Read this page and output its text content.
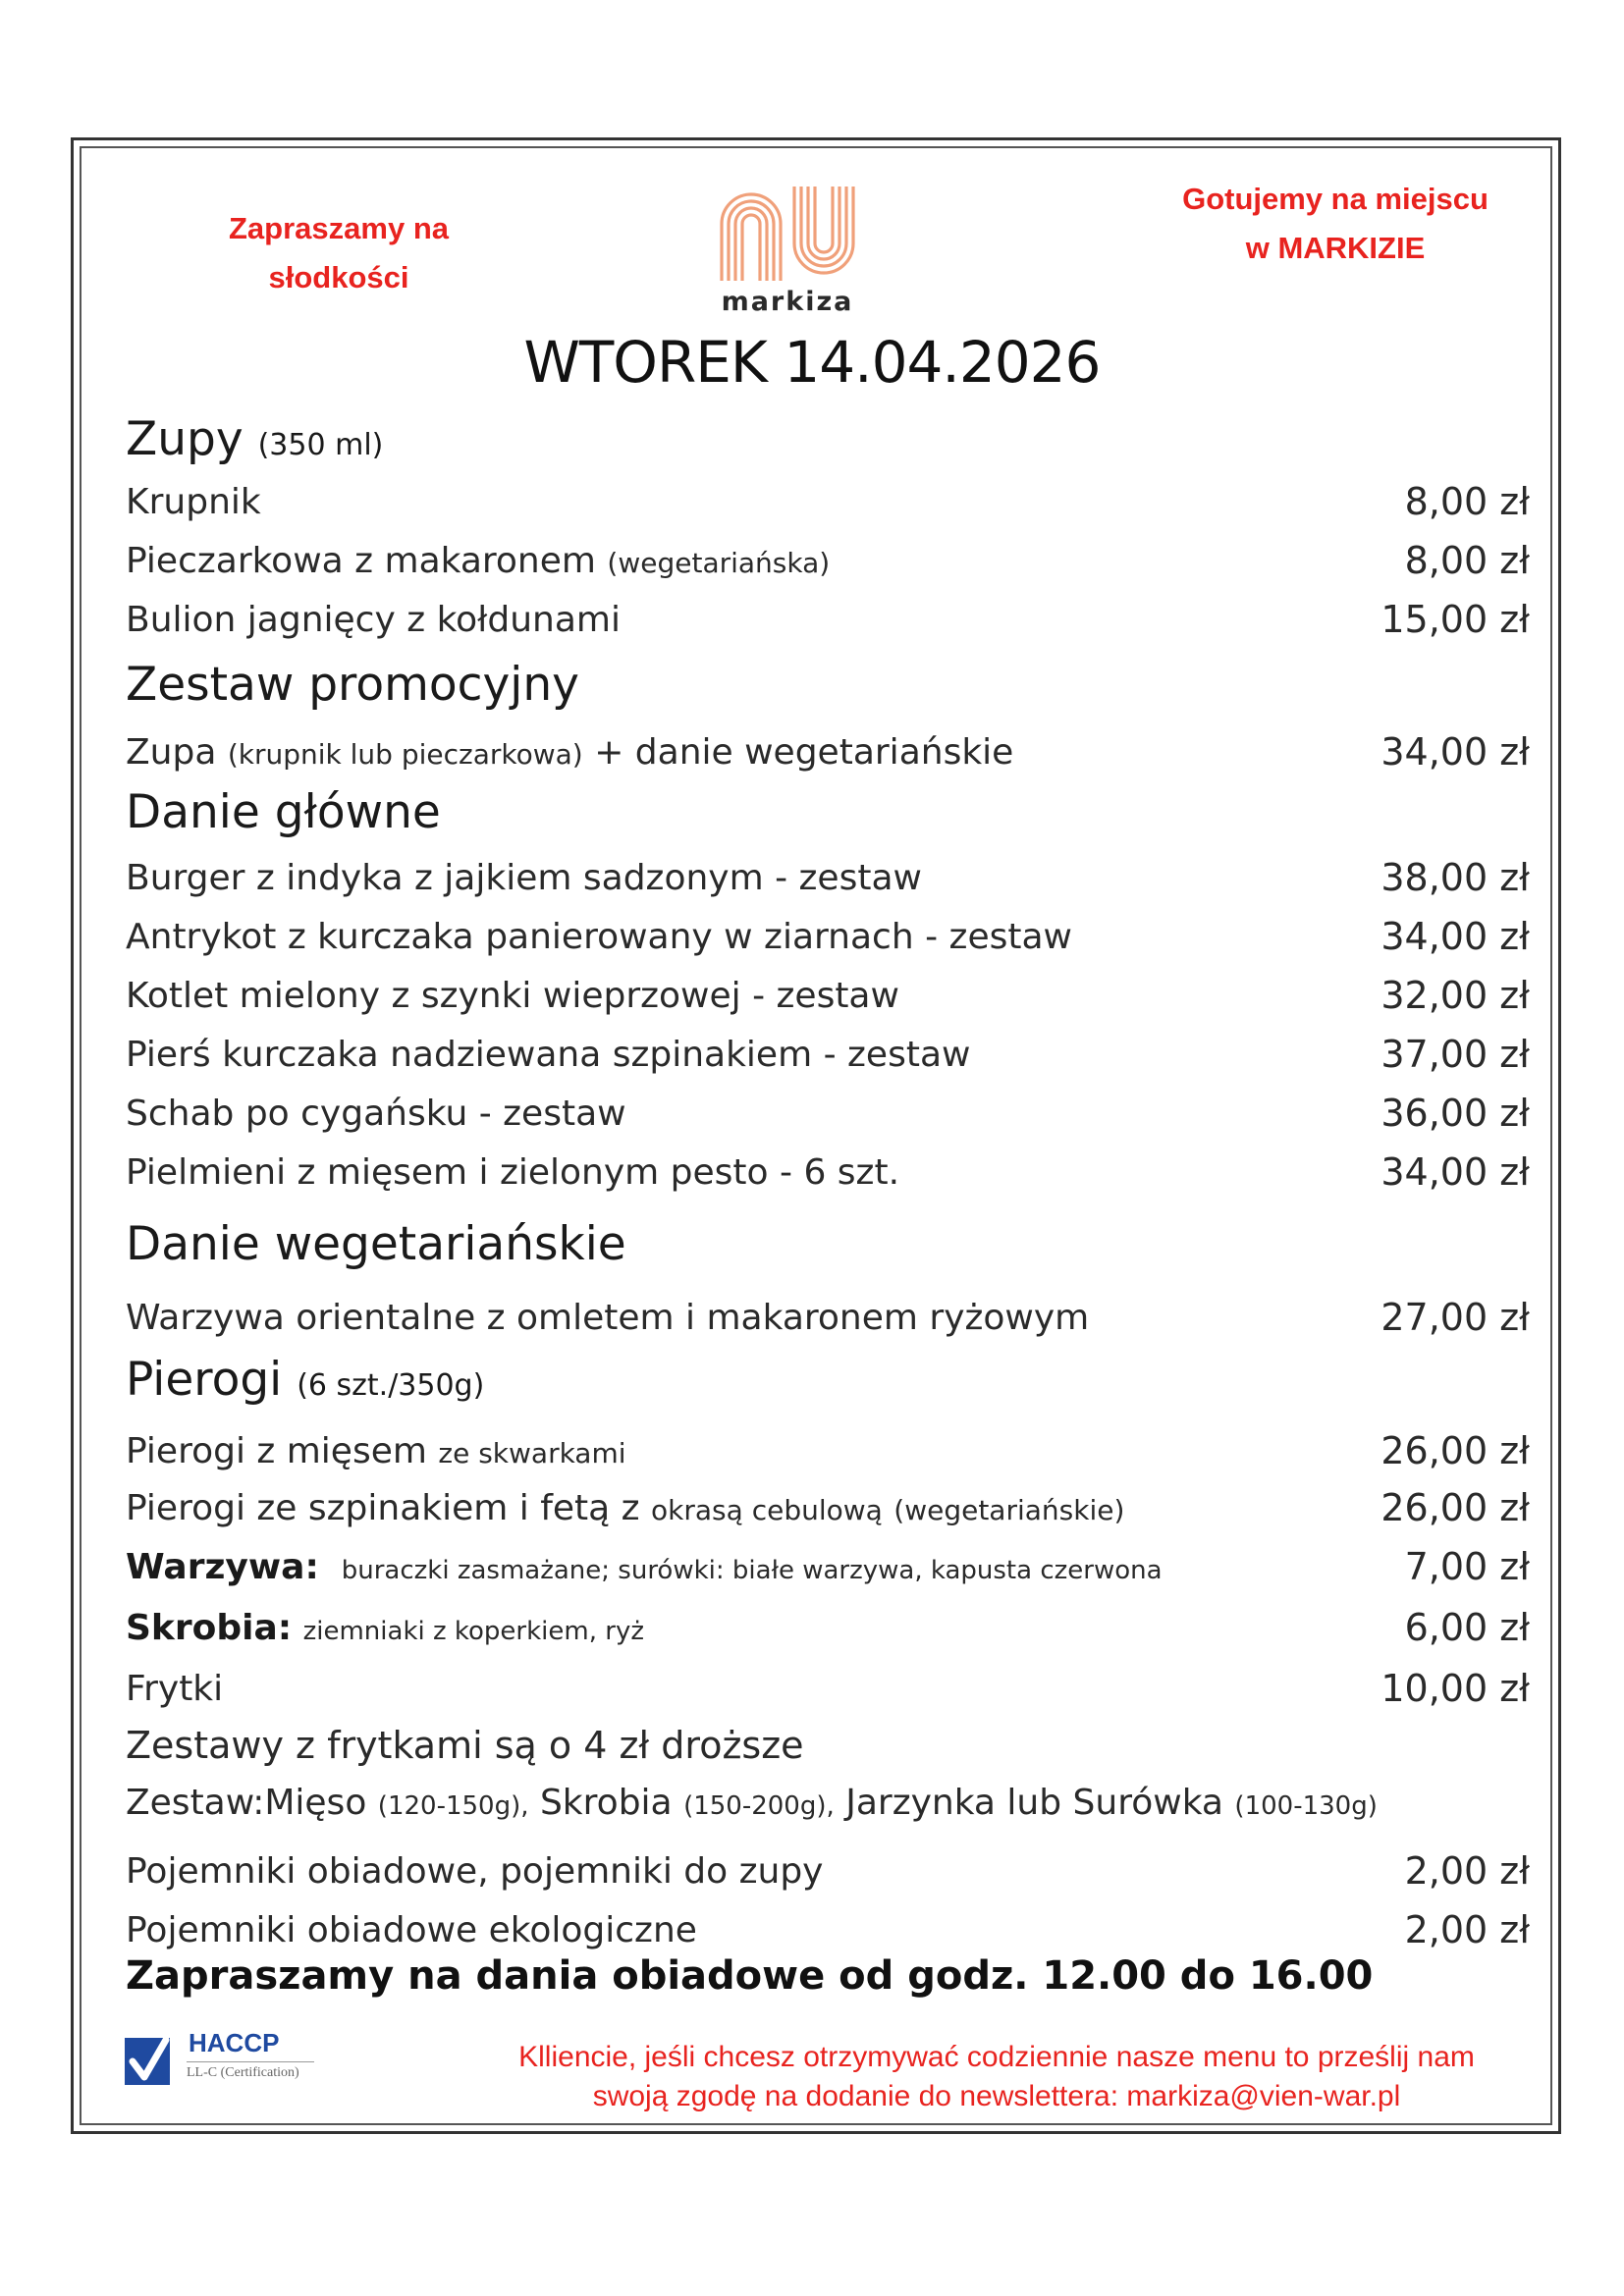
Zapraszamy na
słodkości
markiza
Gotujemy na miejscu
w MARKIZIE
WTOREK 14.04.2026
Zupy (350 ml)
Krupnik	8,00 zł
Pieczarkowa z makaronem (wegetariańska)	8,00 zł
Bulion jagnięcy z kołdunami	15,00 zł
Zestaw promocyjny
Zupa (krupnik lub pieczarkowa) + danie wegetariańskie	34,00 zł
Danie główne
Burger z indyka z jajkiem sadzonym - zestaw	38,00 zł
Antrykot z kurczaka panierowany w ziarnach - zestaw	34,00 zł
Kotlet mielony z szynki wieprzowej - zestaw	32,00 zł
Pierś kurczaka nadziewana szpinakiem - zestaw	37,00 zł
Schab po cygańsku - zestaw	36,00 zł
Pielmieni z mięsem i zielonym pesto - 6 szt.	34,00 zł
Danie wegetariańskie
Warzywa orientalne z omletem i makaronem ryżowym	27,00 zł
Pierogi (6 szt./350g)
Pierogi z mięsem ze skwarkami	26,00 zł
Pierogi ze szpinakiem i fetą z okrasą cebulową (wegetariańskie)	26,00 zł
Warzywa: buraczki zasmażane; surówki: białe warzywa, kapusta czerwona	7,00 zł
Skrobia: ziemniaki z koperkiem, ryż	6,00 zł
Frytki	10,00 zł
Zestawy z frytkami są o 4 zł droższe
Zestaw:Mięso (120-150g), Skrobia (150-200g), Jarzynka lub Surówka (100-130g)
Pojemniki obiadowe, pojemniki do zupy	2,00 zł
Pojemniki obiadowe ekologiczne	2,00 zł
Zapraszamy na dania obiadowe od godz. 12.00 do 16.00
HACCP
LL-C (Certification)	Klliencie, jeśli chcesz otrzymywać codziennie nasze menu to prześlij nam
swoją zgodę na dodanie do newslettera: markiza@vien-war.pl
